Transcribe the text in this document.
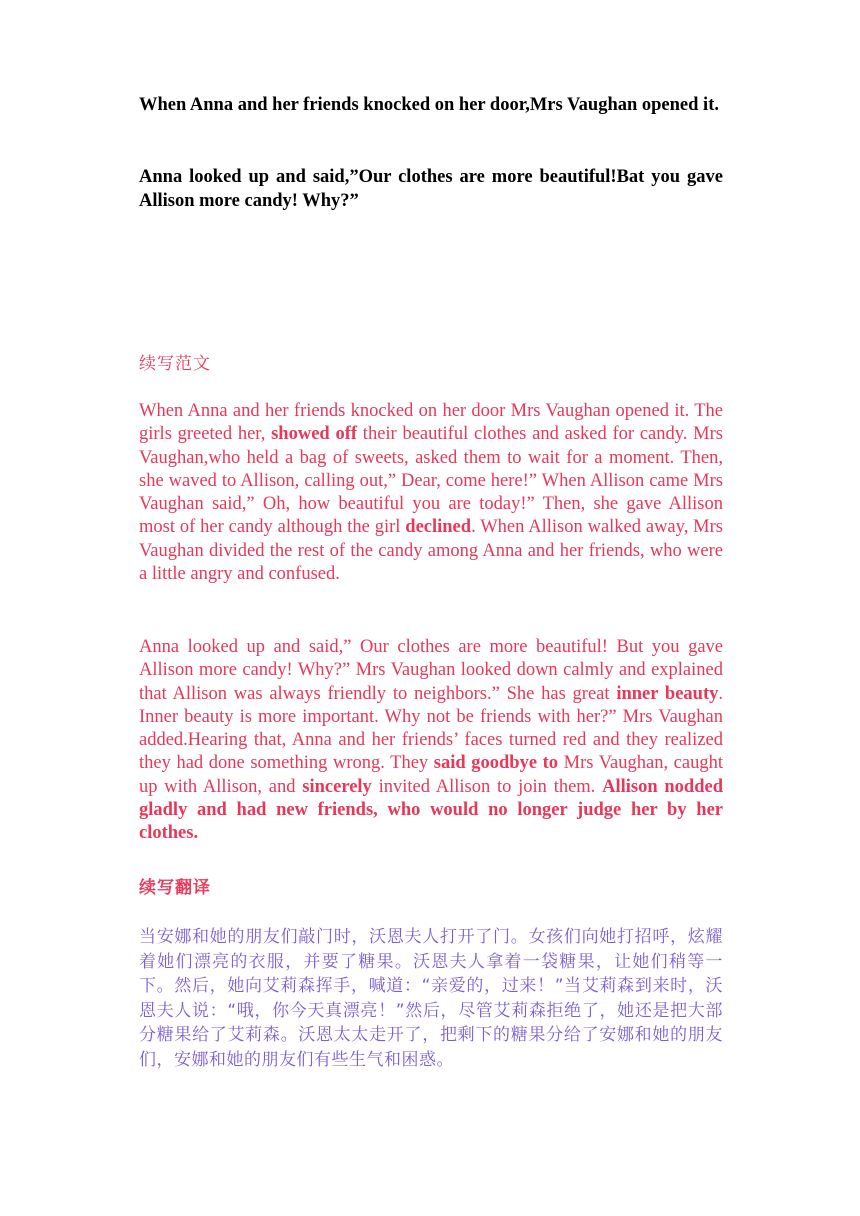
When Anna and her friends knocked on her door,Mrs Vaughan opened it.

Anna looked up and said,”Our clothes are more beautiful!Bat you gave Allison more candy! Why?”

续写范文

When Anna and her friends knocked on her door Mrs Vaughan opened it. The girls greeted her, showed off their beautiful clothes and asked for candy. Mrs Vaughan,who held a bag of sweets, asked them to wait for a moment. Then, she waved to Allison, calling out,” Dear, come here!” When Allison came Mrs Vaughan said,” Oh, how beautiful you are today!” Then, she gave Allison most of her candy although the girl declined. When Allison walked away, Mrs Vaughan divided the rest of the candy among Anna and her friends, who were a little angry and confused.

Anna looked up and said,” Our clothes are more beautiful! But you gave Allison more candy! Why?” Mrs Vaughan looked down calmly and explained that Allison was always friendly to neighbors.” She has great inner beauty. Inner beauty is more important. Why not be friends with her?” Mrs Vaughan added.Hearing that, Anna and her friends’ faces turned red and they realized they had done something wrong. They said goodbye to Mrs Vaughan, caught up with Allison, and sincerely invited Allison to join them. Allison nodded gladly and had new friends, who would no longer judge her by her clothes.

续写翻译

当安娜和她的朋友们敲门时，沃恩夫人打开了门。女孩们向她打招呼，炫耀着她们漂亮的衣服，并要了糖果。沃恩夫人拿着一袋糖果，让她们稍等一下。然后，她向艾莉森挥手，喊道：“亲爱的，过来！”当艾莉森到来时，沃恩夫人说：“哦，你今天真漂亮！”然后，尽管艾莉森拒绝了，她还是把大部分糖果给了艾莉森。沃恩太太走开了，把剩下的糖果分给了安娜和她的朋友们，安娜和她的朋友们有些生气和困惑。
